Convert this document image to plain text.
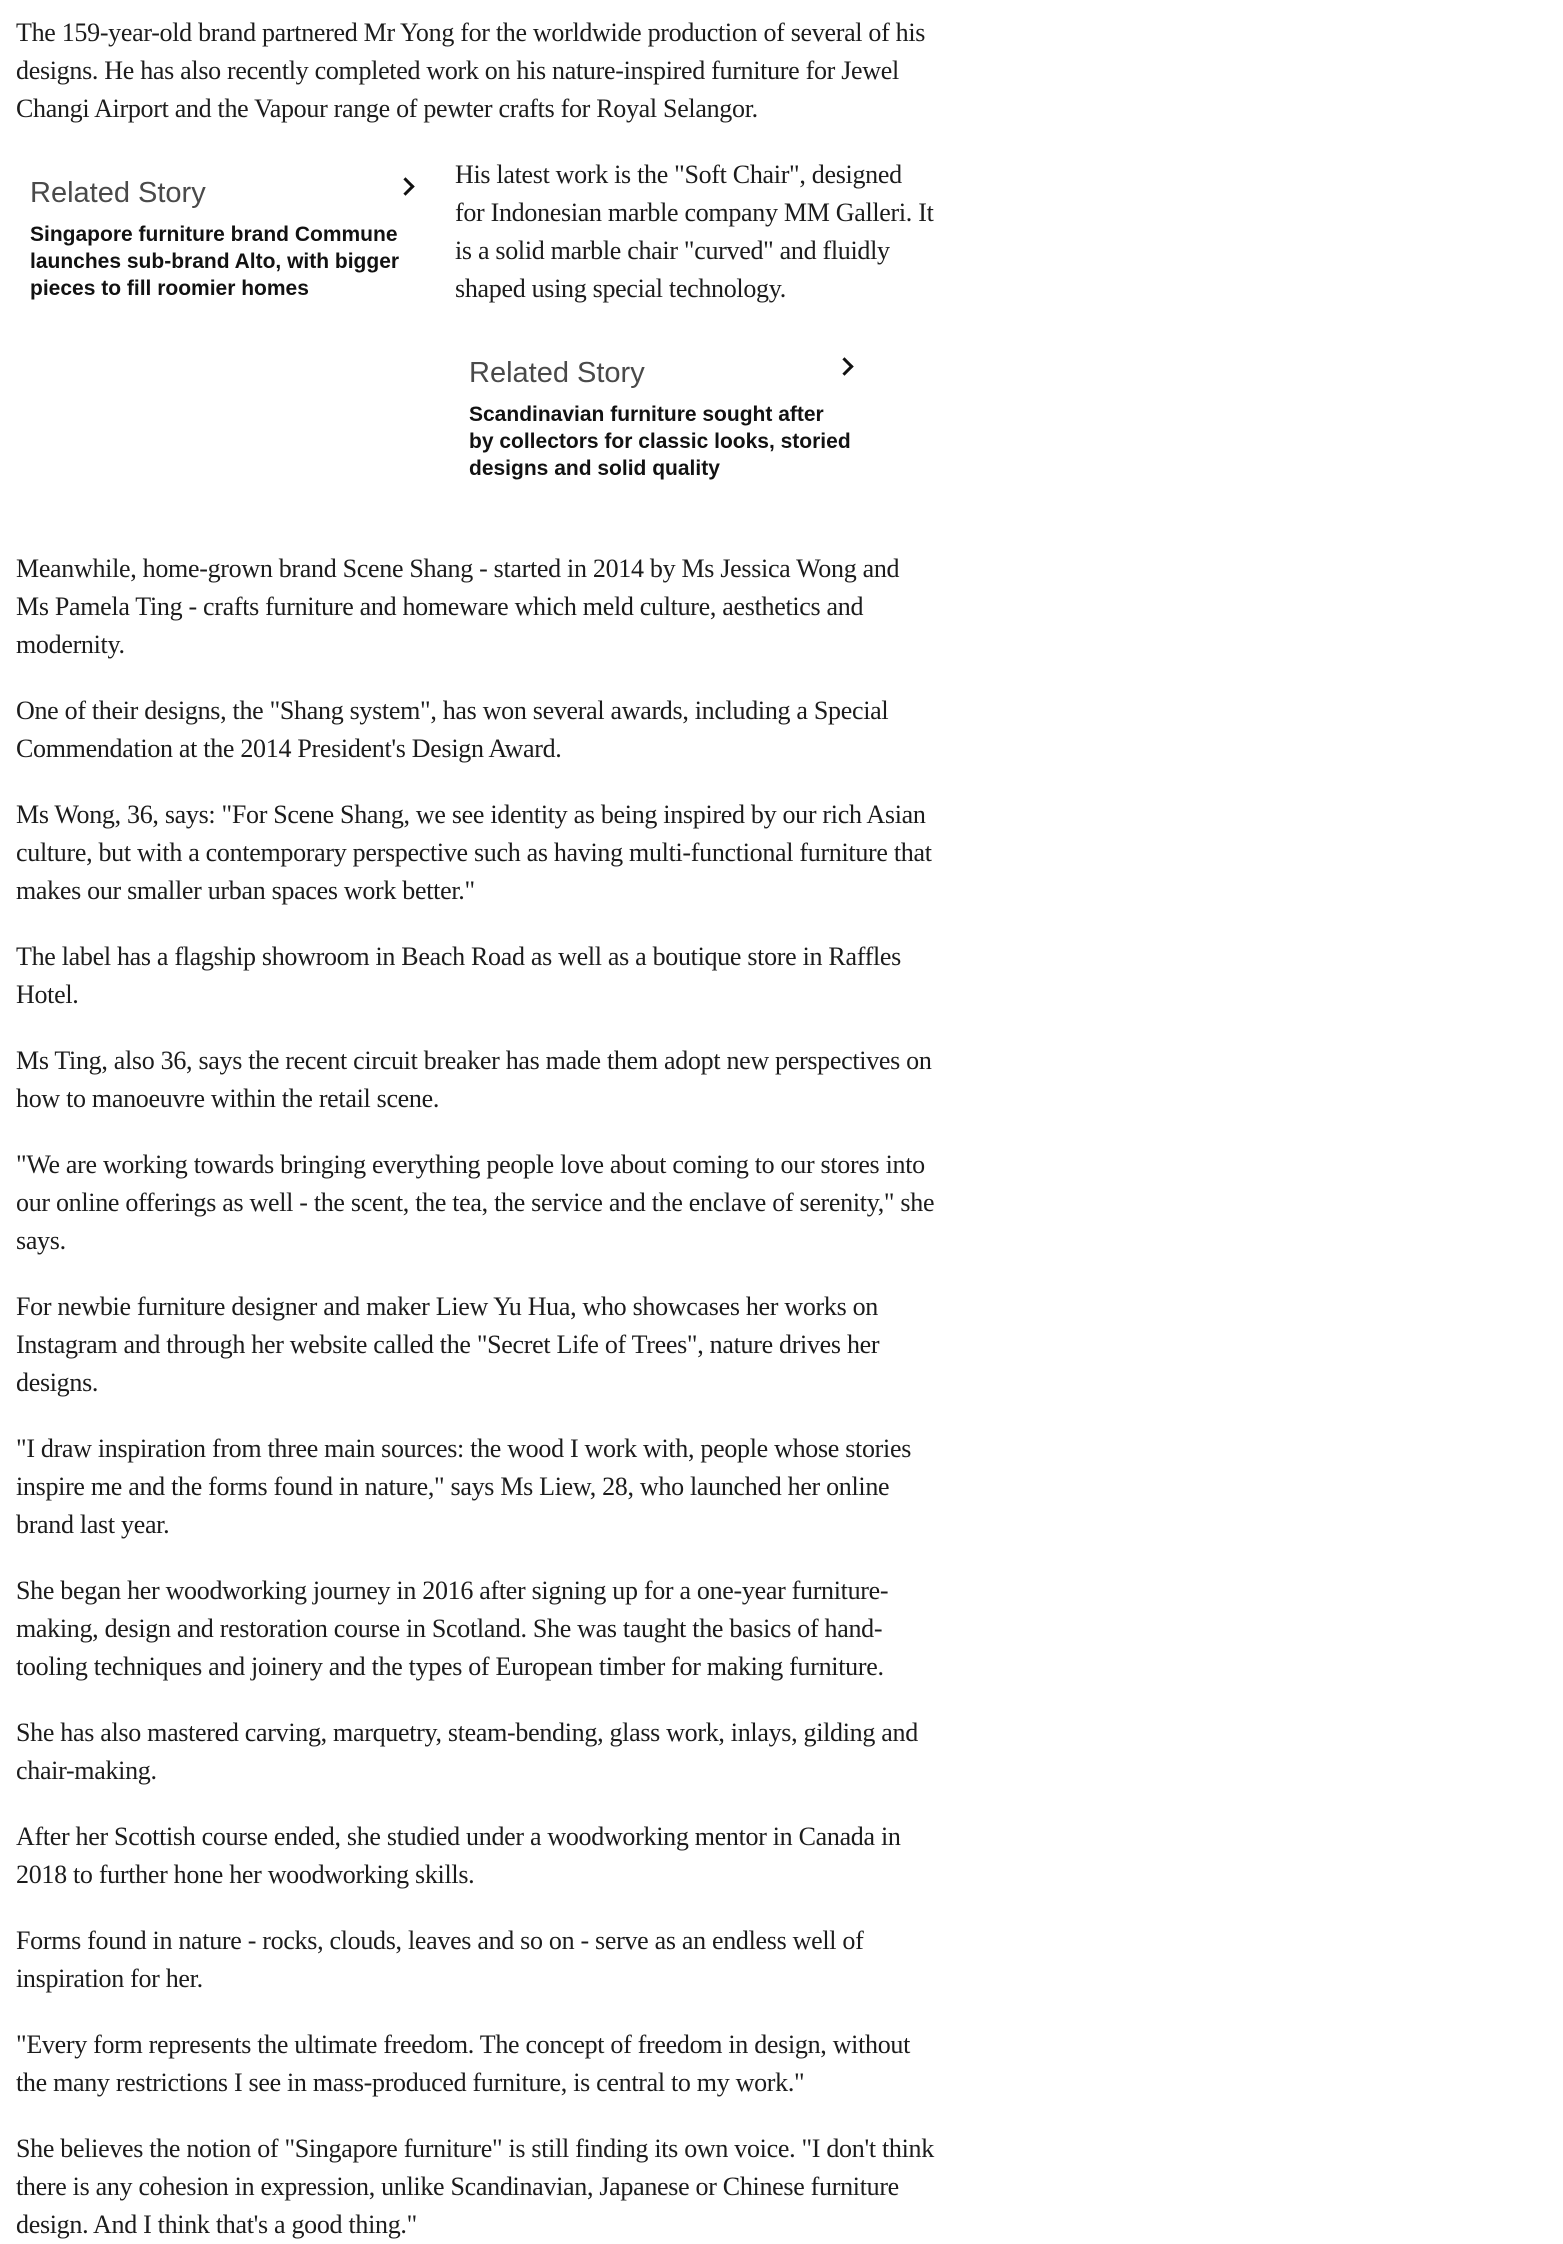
The 159-year-old brand partnered Mr Yong for the worldwide production of several of his designs. He has also recently completed work on his nature-inspired furniture for Jewel Changi Airport and the Vapour range of pewter crafts for Royal Selangor.

Related Story
Singapore furniture brand Commune launches sub-brand Alto, with bigger pieces to fill roomier homes

His latest work is the "Soft Chair", designed for Indonesian marble company MM Galleri. It is a solid marble chair "curved" and fluidly shaped using special technology.

Related Story
Scandinavian furniture sought after by collectors for classic looks, storied designs and solid quality

Meanwhile, home-grown brand Scene Shang - started in 2014 by Ms Jessica Wong and Ms Pamela Ting - crafts furniture and homeware which meld culture, aesthetics and modernity.

One of their designs, the "Shang system", has won several awards, including a Special Commendation at the 2014 President's Design Award.

Ms Wong, 36, says: "For Scene Shang, we see identity as being inspired by our rich Asian culture, but with a contemporary perspective such as having multi-functional furniture that makes our smaller urban spaces work better."

The label has a flagship showroom in Beach Road as well as a boutique store in Raffles Hotel.

Ms Ting, also 36, says the recent circuit breaker has made them adopt new perspectives on how to manoeuvre within the retail scene.

"We are working towards bringing everything people love about coming to our stores into our online offerings as well - the scent, the tea, the service and the enclave of serenity," she says.

For newbie furniture designer and maker Liew Yu Hua, who showcases her works on Instagram and through her website called the "Secret Life of Trees", nature drives her designs.

"I draw inspiration from three main sources: the wood I work with, people whose stories inspire me and the forms found in nature," says Ms Liew, 28, who launched her online brand last year.

She began her woodworking journey in 2016 after signing up for a one-year furniture-making, design and restoration course in Scotland. She was taught the basics of hand-tooling techniques and joinery and the types of European timber for making furniture.

She has also mastered carving, marquetry, steam-bending, glass work, inlays, gilding and chair-making.

After her Scottish course ended, she studied under a woodworking mentor in Canada in 2018 to further hone her woodworking skills.

Forms found in nature - rocks, clouds, leaves and so on - serve as an endless well of inspiration for her.

"Every form represents the ultimate freedom. The concept of freedom in design, without the many restrictions I see in mass-produced furniture, is central to my work."

She believes the notion of "Singapore furniture" is still finding its own voice. "I don't think there is any cohesion in expression, unlike Scandinavian, Japanese or Chinese furniture design. And I think that's a good thing."
